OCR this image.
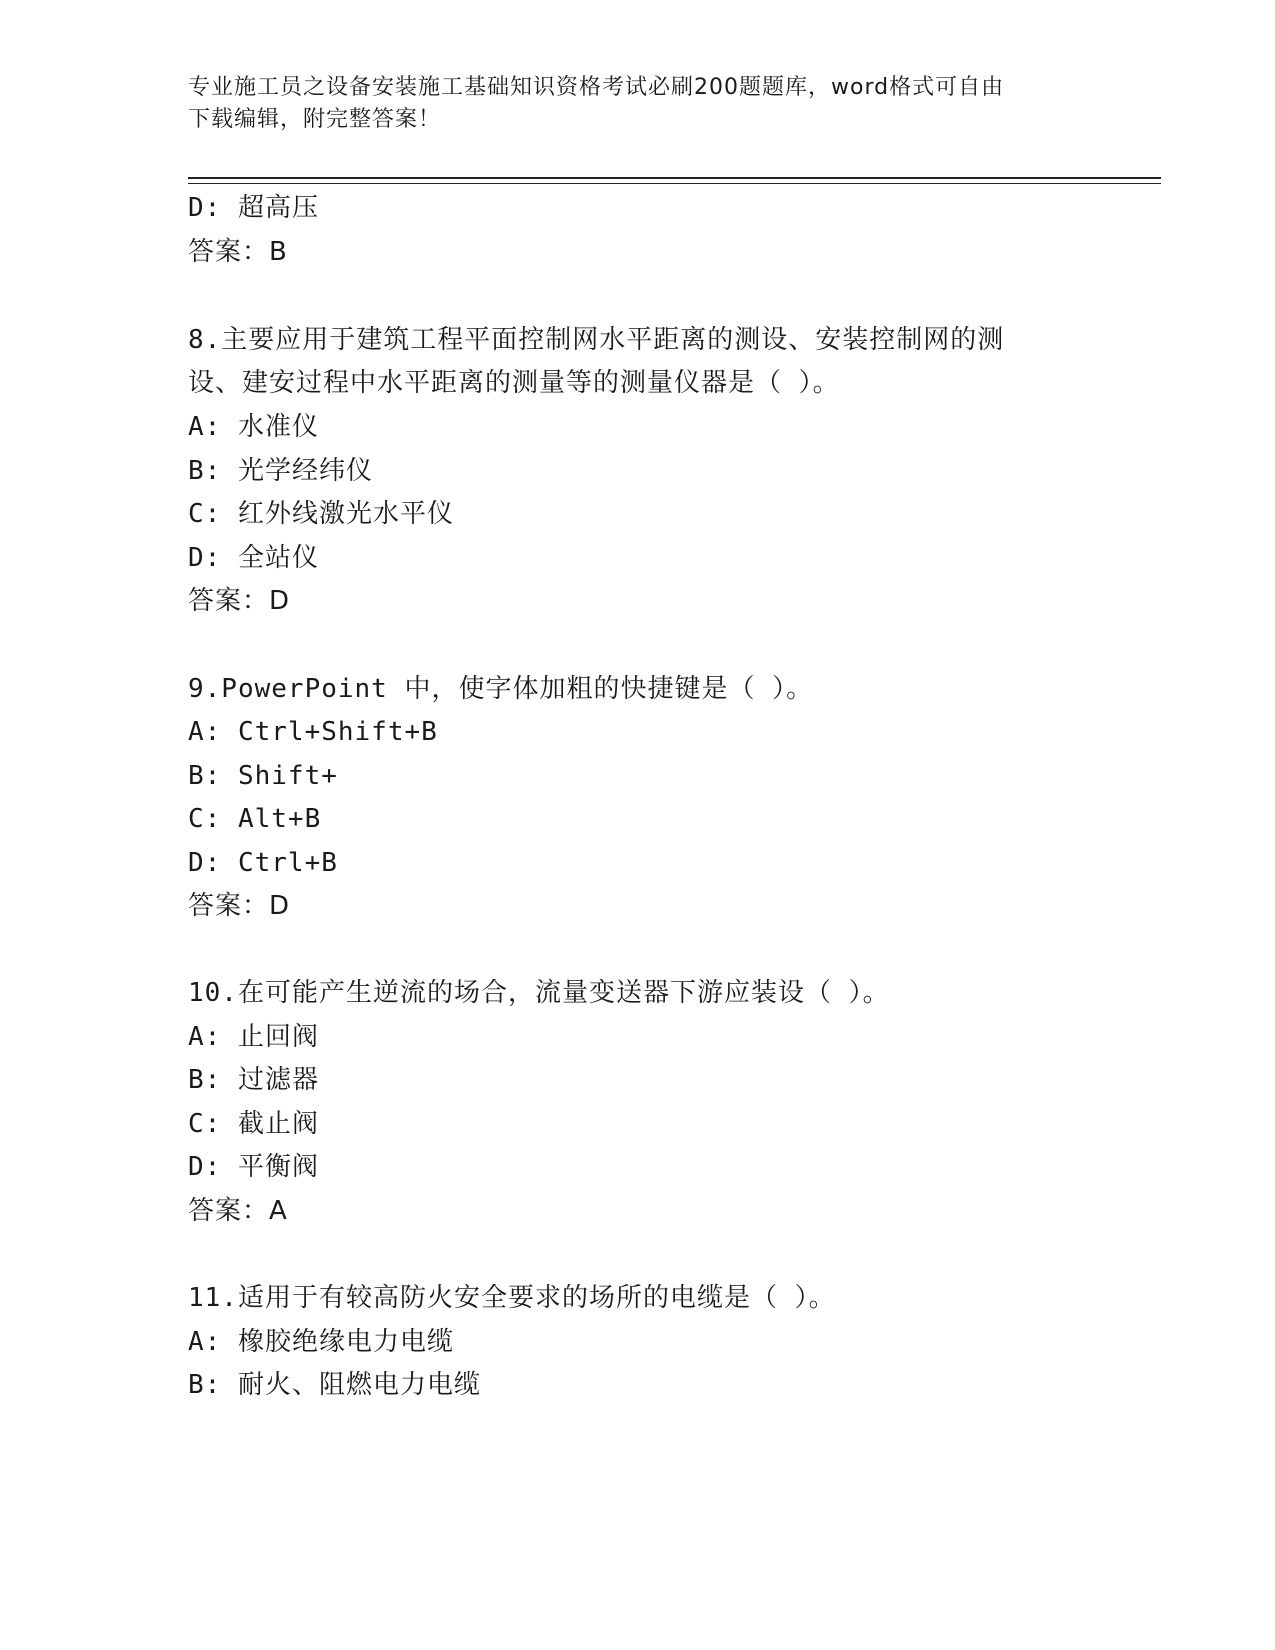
专业施工员之设备安装施工基础知识资格考试必刷200题题库，word格式可自由
下载编辑，附完整答案！
D: 超高压
答案：B
8.主要应用于建筑工程平面控制网水平距离的测设、安装控制网的测
设、建安过程中水平距离的测量等的测量仪器是（ ）。
A: 水准仪
B: 光学经纬仪
C: 红外线激光水平仪
D: 全站仪
答案：D
9.PowerPoint 中，使字体加粗的快捷键是（ ）。
A: Ctrl+Shift+B
B: Shift+
C: Alt+B
D: Ctrl+B
答案：D
10.在可能产生逆流的场合，流量变送器下游应装设（ ）。
A: 止回阀
B: 过滤器
C: 截止阀
D: 平衡阀
答案：A
11.适用于有较高防火安全要求的场所的电缆是（ ）。
A: 橡胶绝缘电力电缆
B: 耐火、阻燃电力电缆
